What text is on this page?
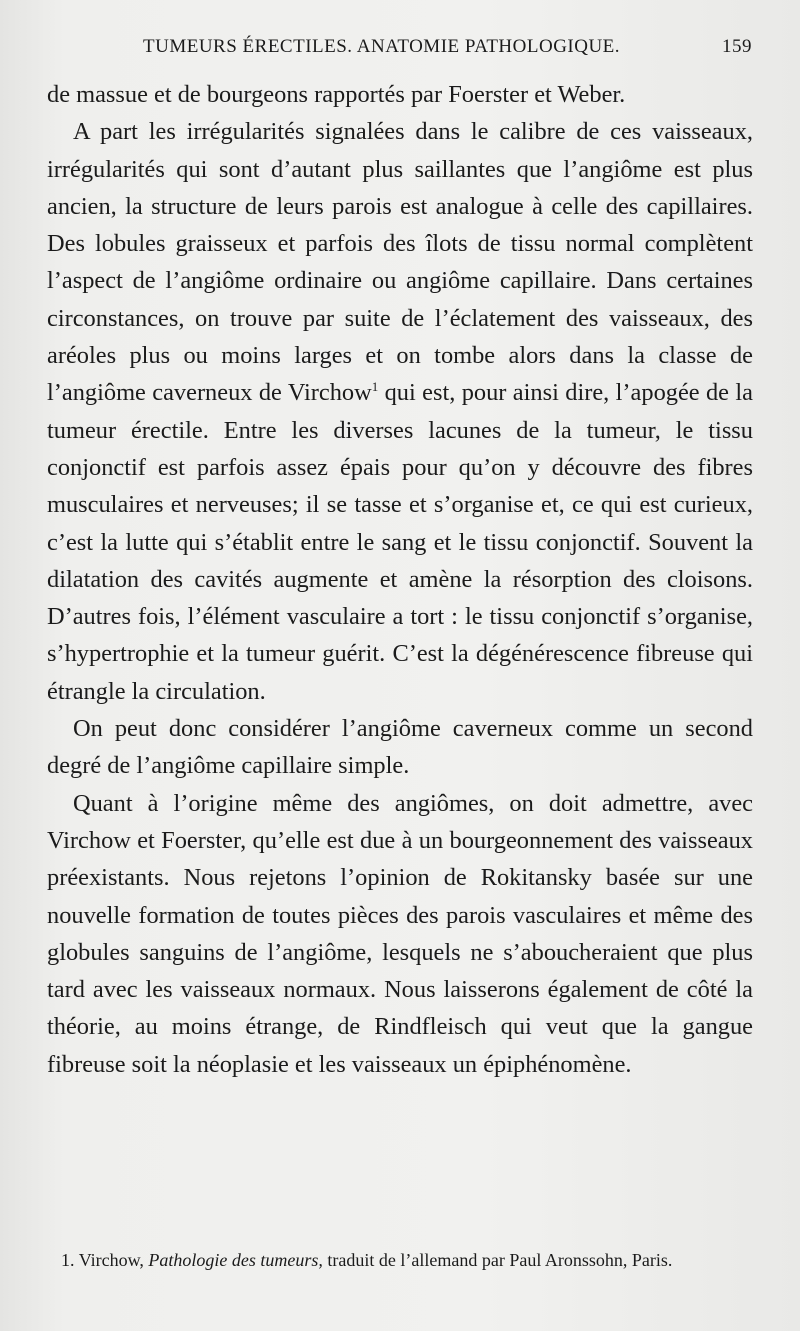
TUMEURS ÉRECTILES. ANATOMIE PATHOLOGIQUE.	159

de massue et de bourgeons rapportés par Foerster et Weber.

A part les irrégularités signalées dans le calibre de ces vaisseaux, irrégularités qui sont d’autant plus saillantes que l’angiôme est plus ancien, la structure de leurs parois est analogue à celle des capillaires. Des lobules graisseux et parfois des îlots de tissu normal complètent l’aspect de l’angiôme ordinaire ou angiôme capillaire. Dans certaines circonstances, on trouve par suite de l’éclatement des vaisseaux, des aréoles plus ou moins larges et on tombe alors dans la classe de l’angiôme caverneux de Virchow$^1$ qui est, pour ainsi dire, l’apogée de la tumeur érectile. Entre les diverses lacunes de la tumeur, le tissu conjonctif est parfois assez épais pour qu’on y découvre des fibres musculaires et nerveuses; il se tasse et s’organise et, ce qui est curieux, c’est la lutte qui s’établit entre le sang et le tissu conjonctif. Souvent la dilatation des cavités augmente et amène la résorption des cloisons. D’autres fois, l’élément vasculaire a tort : le tissu conjonctif s’organise, s’hypertrophie et la tumeur guérit. C’est la dégénérescence fibreuse qui étrangle la circulation.

On peut donc considérer l’angiôme caverneux comme un second degré de l’angiôme capillaire simple.

Quant à l’origine même des angiômes, on doit admettre, avec Virchow et Foerster, qu’elle est due à un bourgeonnement des vaisseaux préexistants. Nous rejetons l’opinion de Rokitansky basée sur une nouvelle formation de toutes pièces des parois vasculaires et même des globules sanguins de l’angiôme, lesquels ne s’aboucheraient que plus tard avec les vaisseaux normaux. Nous laisserons également de côté la théorie, au moins étrange, de Rindfleisch qui veut que la gangue fibreuse soit la néoplasie et les vaisseaux un épiphénomène.

1. Virchow, Pathologie des tumeurs, traduit de l’allemand par Paul Aronssohn, Paris.
